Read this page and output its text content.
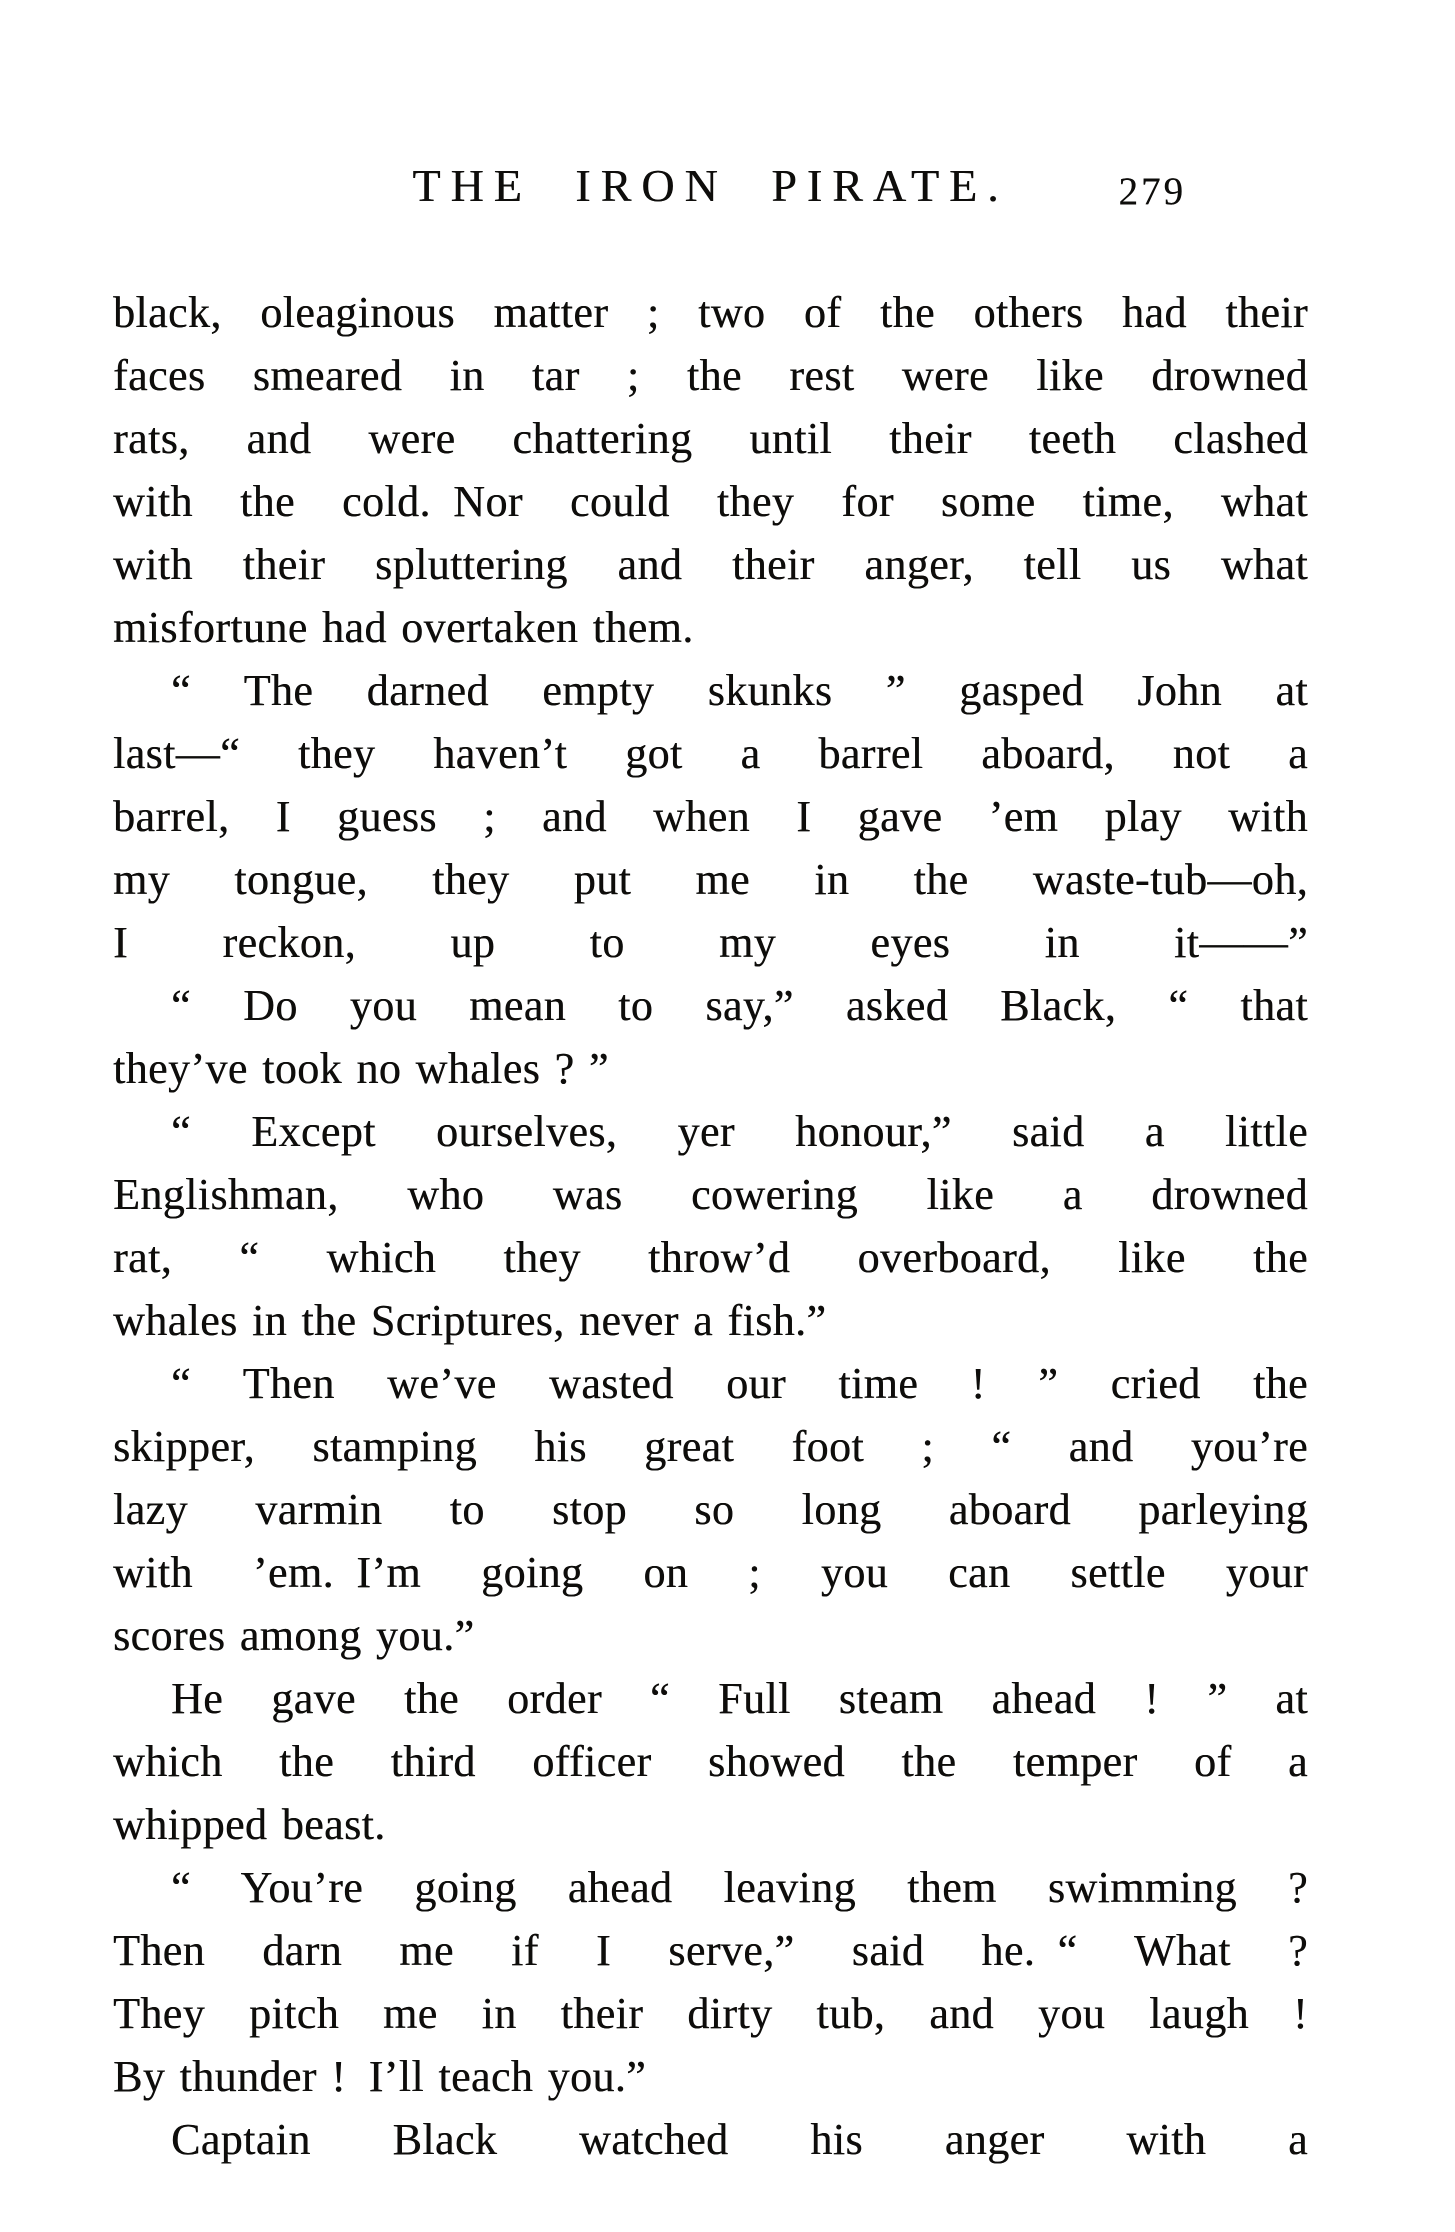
THE IRON PIRATE.	279
black, oleaginous matter ; two of the others had their
faces smeared in tar ; the rest were like drowned
rats, and were chattering until their teeth clashed
with the cold. Nor could they for some time, what
with their spluttering and their anger, tell us what
misfortune had overtaken them.
“ The darned empty skunks ” gasped John at
last—“ they haven’t got a barrel aboard, not a
barrel, I guess ; and when I gave ’em play with
my tongue, they put me in the waste-tub—oh,
I reckon, up to my eyes in it——”
“ Do you mean to say,” asked Black, “ that
they’ve took no whales ? ”
“ Except ourselves, yer honour,” said a little
Englishman, who was cowering like a drowned
rat, “ which they throw’d overboard, like the
whales in the Scriptures, never a fish.”
“ Then we’ve wasted our time ! ” cried the
skipper, stamping his great foot ; “ and you’re
lazy varmin to stop so long aboard parleying
with ’em. I’m going on ; you can settle your
scores among you.”
He gave the order “ Full steam ahead ! ” at
which the third officer showed the temper of a
whipped beast.
“ You’re going ahead leaving them swimming ?
Then darn me if I serve,” said he. “ What ?
They pitch me in their dirty tub, and you laugh !
By thunder ! I’ll teach you.”
Captain Black watched his anger with a
